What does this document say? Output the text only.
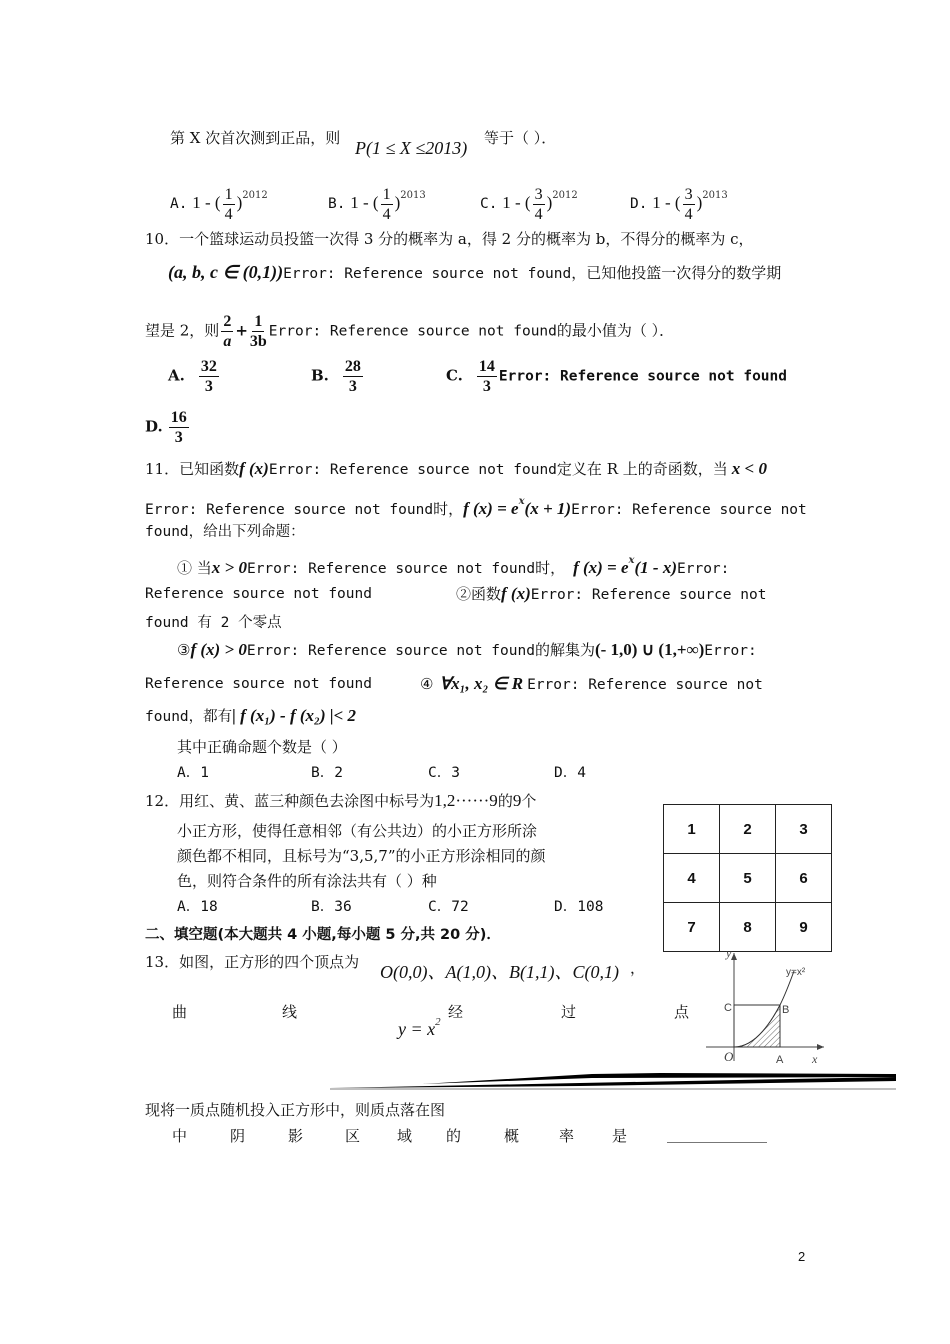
第 X 次首次测到正品，则 P(1 ≤ X ≤2013) 等于（ ）．
A. 1 - ( $\frac{1}{4} )^{2012}$
B. 1 - ( $\frac{1}{4} )^{2013}$
C. 1 - ( $\frac{3}{4} )^{2012}$
D. 1 - ( $\frac{3}{4} )^{2013}$
10．一个篮球运动员投篮一次得 3 分的概率为 a，得 2 分的概率为 b，不得分的概率为 c，
(a, b, c ∈ (0,1))Error: Reference source not found，已知他投篮一次得分的数学期
望是 2，则 $\frac{2}{a} + \frac{1}{3b}$ Error: Reference source not found的最小值为（ ）．
A. $\frac{32}{3}$	B. $\frac{28}{3}$	C. $\frac{14}{3}$ Error: Reference source not found
D. $\frac{16}{3}$
11．已知函数f (x)Error: Reference source not found定义在 R 上的奇函数，当 x < 0
Error: Reference source not found时，f $(x) = e^x(x$ + 1)Error: Reference source not
found，给出下列命题：
① 当x > 0Error: Reference source not found时， f $(x) = e^x(1$ - x)Error:
Reference source not found	②函数f (x)Error: Reference source not
found 有 2 个零点
③f (x) > 0Error: Reference source not found的解集为(- 1,0) ∪ (1,+∞)Error:
Reference source not found	④ ∀x₁, x₂ ∈ R Error: Reference source not
found，都有| f (x₁) - f (x₂) |< 2
其中正确命题个数是（ ）
A．1	B．2	C．3	D．4
12．用红、黄、蓝三种颜色去涂图中标号为1,2······9的9个
小正方形，使得任意相邻（有公共边）的小正方形所涂
颜色都不相同，且标号为“3,5,7”的小正方形涂相同的颜
色，则符合条件的所有涂法共有（ ）种
A．18	B．36	C．72	D．108
1	2	3
4	5	6
7	8	9
二、填空题(本大题共 4 小题,每小题 5 分,共 20 分)．
13．如图，正方形的四个顶点为 O(0,0)、A(1,0)、B(1,1)、C(0,1) ，
曲	线
$y = x^2$
经	过	点
现将一质点随机投入正方形中，则质点落在图
中	阴	影	区 域 的	概	率	是
y
x
O	A
B
C
y=x²
2
